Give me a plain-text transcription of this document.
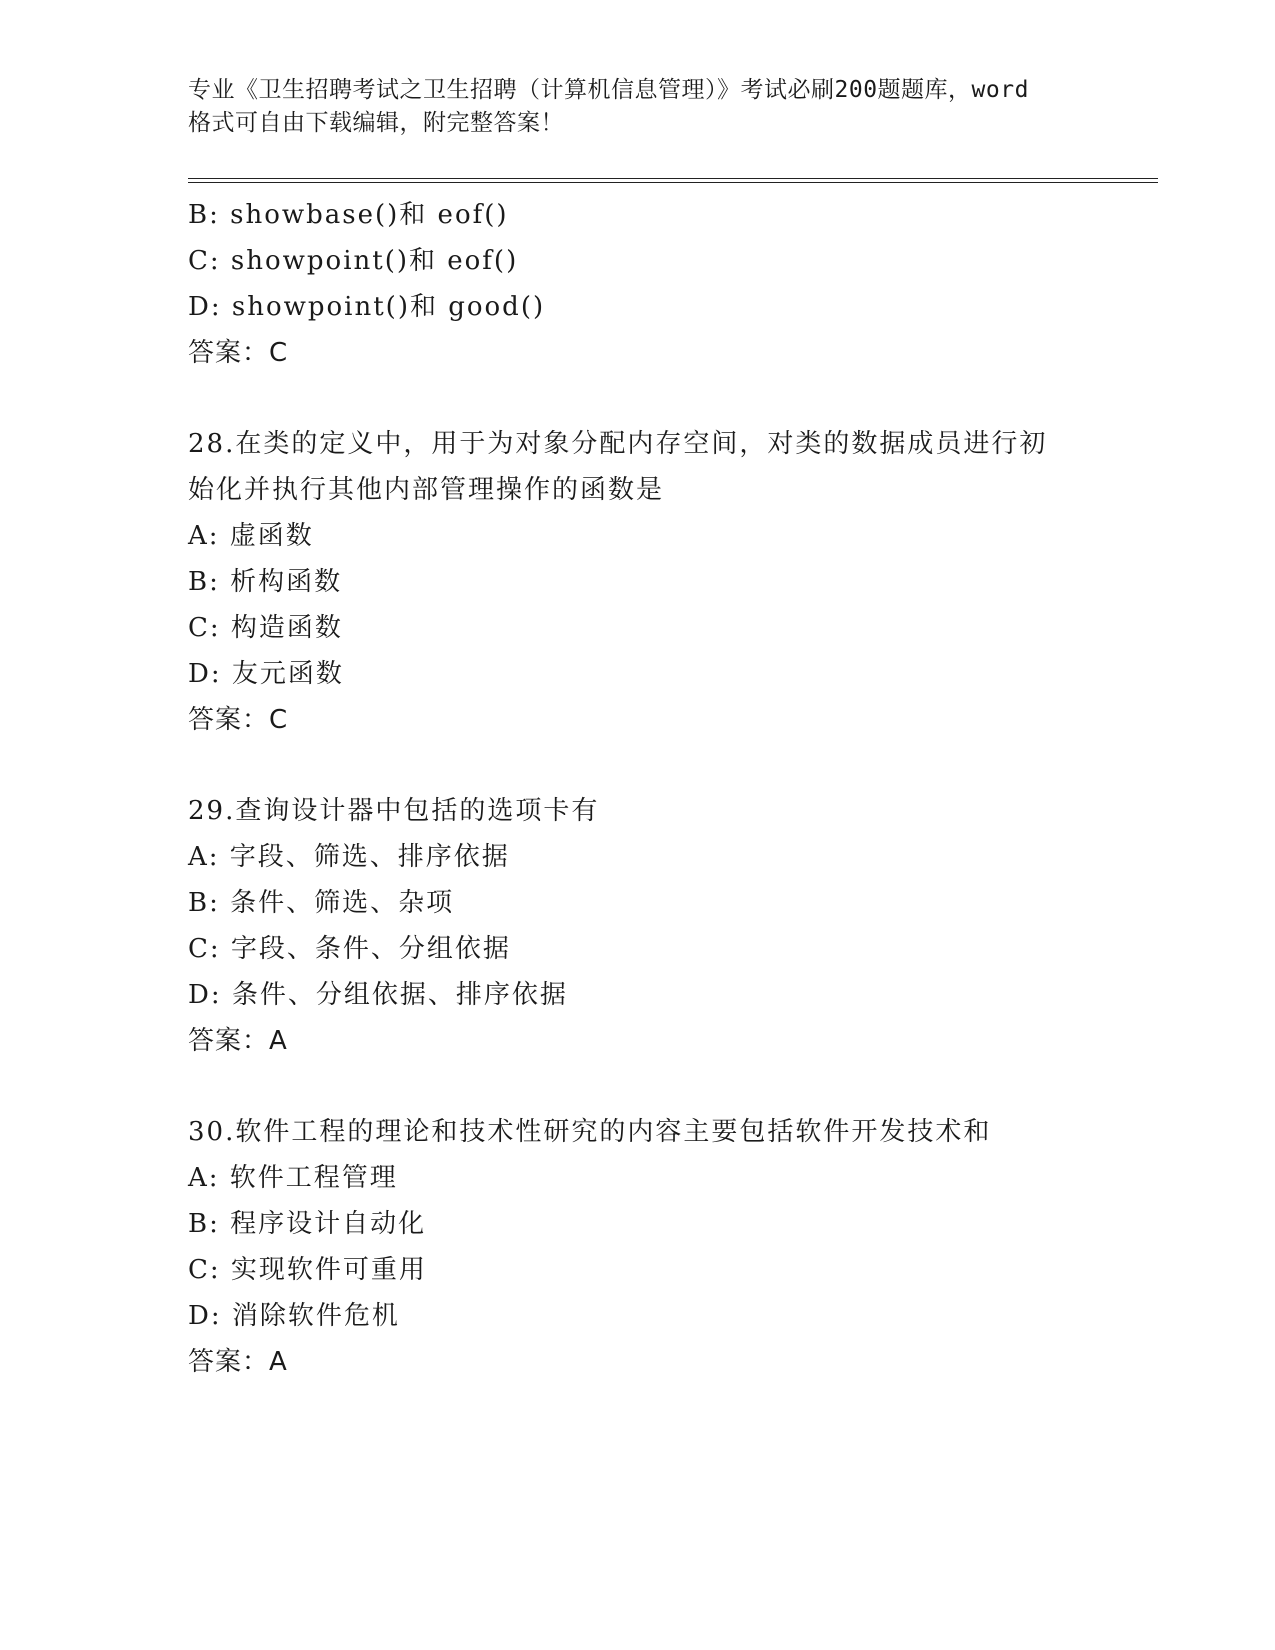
专业《卫生招聘考试之卫生招聘（计算机信息管理）》考试必刷200题题库，word
格式可自由下载编辑，附完整答案！
B: showbase()和 eof()
C: showpoint()和 eof()
D: showpoint()和 good()
答案：C
28.在类的定义中，用于为对象分配内存空间，对类的数据成员进行初
始化并执行其他内部管理操作的函数是
A: 虚函数
B: 析构函数
C: 构造函数
D: 友元函数
答案：C
29.查询设计器中包括的选项卡有
A: 字段、筛选、排序依据
B: 条件、筛选、杂项
C: 字段、条件、分组依据
D: 条件、分组依据、排序依据
答案：A
30.软件工程的理论和技术性研究的内容主要包括软件开发技术和
A: 软件工程管理
B: 程序设计自动化
C: 实现软件可重用
D: 消除软件危机
答案：A
